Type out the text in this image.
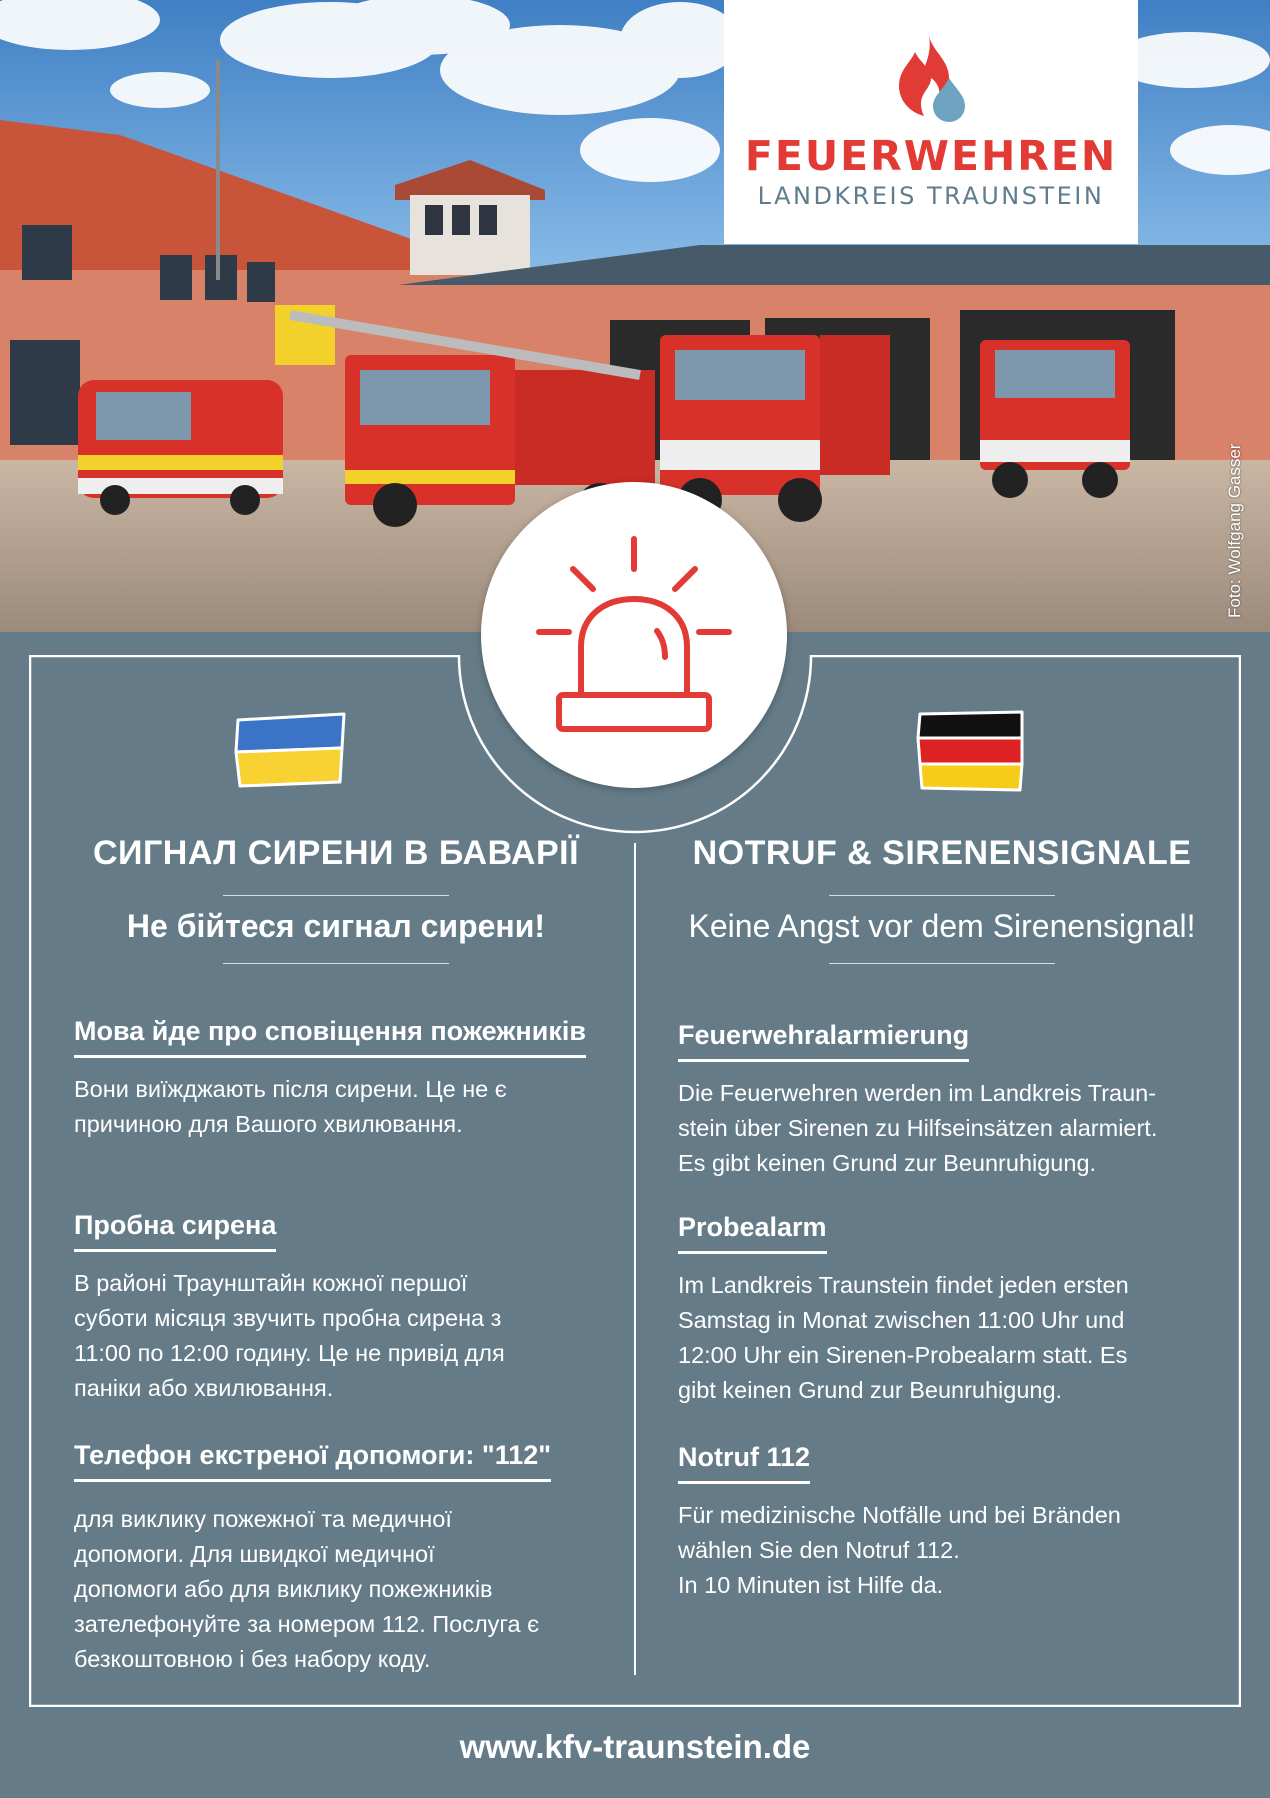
FEUERWEHREN
LANDKREIS TRAUNSTEIN
Foto: Wolfgang Gasser
СИГНАЛ СИРЕНИ В БАВАРІЇ
Не бійтеся сигнал сирени!
Мова йде про сповіщення пожежників
Вони виїжджають після сирени. Це не є
причиною для Вашого хвилювання.
Пробна сирена
В районі Траунштайн кожної першої
суботи місяця звучить пробна сирена з
11:00 по 12:00 годину. Це не привід для
паніки або хвилювання.
Телефон екстреної допомоги: "112"
для виклику пожежної та медичної
допомоги. Для швидкої медичної
допомоги або для виклику пожежників
зателефонуйте за номером 112. Послуга є
безкоштовною і без набору коду.
NOTRUF & SIRENENSIGNALE
Keine Angst vor dem Sirenensignal!
Feuerwehralarmierung
Die Feuerwehren werden im Landkreis Traun-
stein über Sirenen zu Hilfseinsätzen alarmiert.
Es gibt keinen Grund zur Beunruhigung.
Probealarm
Im Landkreis Traunstein findet jeden ersten
Samstag in Monat zwischen 11:00 Uhr und
12:00 Uhr ein Sirenen-Probealarm statt. Es
gibt keinen Grund zur Beunruhigung.
Notruf 112
Für medizinische Notfälle und bei Bränden
wählen Sie den Notruf 112.
In 10 Minuten ist Hilfe da.
www.kfv-traunstein.de
